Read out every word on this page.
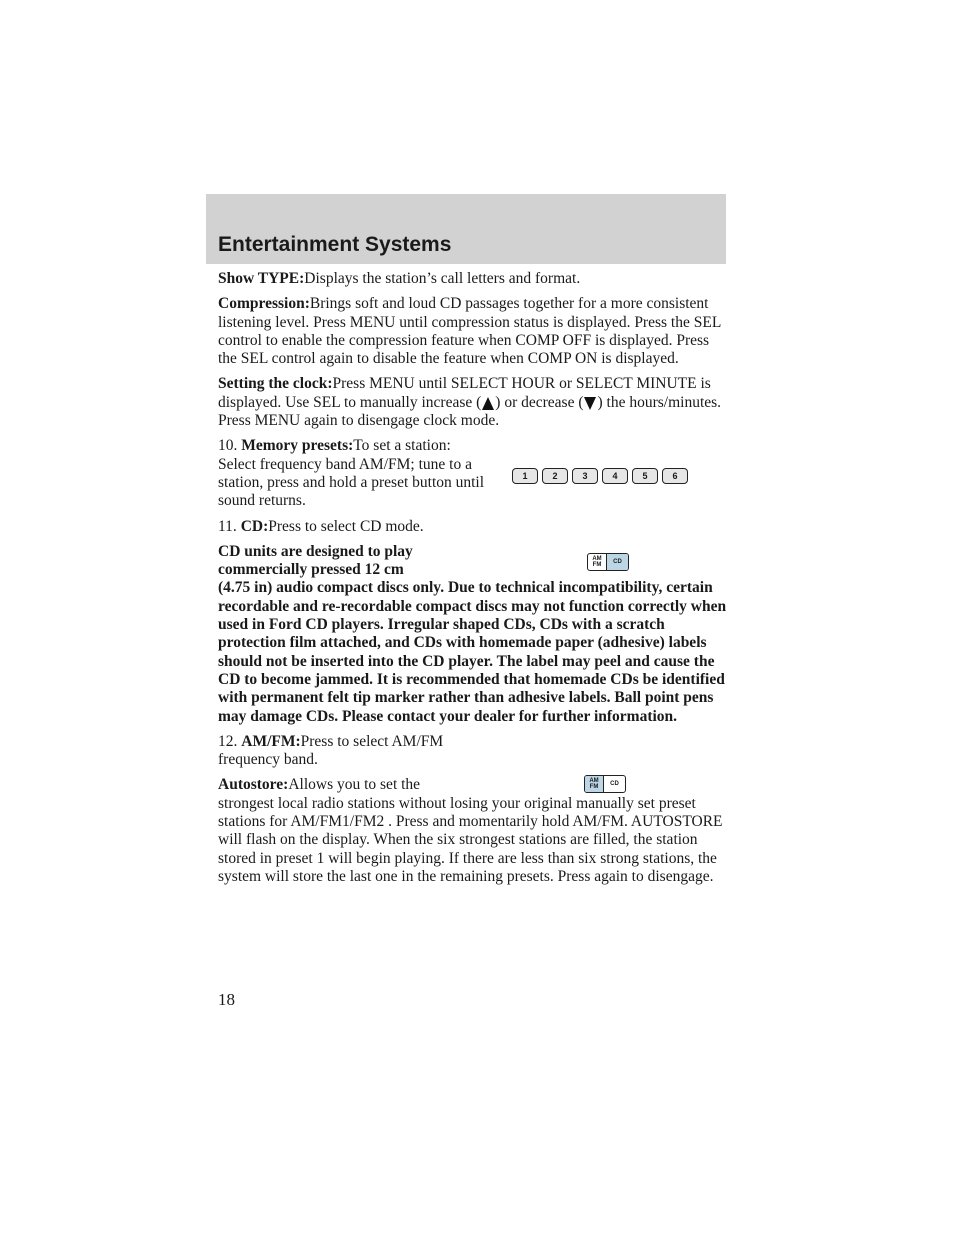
Entertainment Systems

Show TYPE:Displays the station’s call letters and format.

Compression:Brings soft and loud CD passages together for a more consistent listening level. Press MENU until compression status is displayed. Press the SEL control to enable the compression feature when COMP OFF is displayed. Press the SEL control again to disable the feature when COMP ON is displayed.

Setting the clock:Press MENU until SELECT HOUR or SELECT MINUTE is displayed. Use SEL to manually increase ( ) or decrease ( ) the hours/minutes. Press MENU again to disengage clock mode.

10. Memory presets:To set a station: Select frequency band AM/FM; tune to a station, press and hold a preset button until sound returns.

11. CD:Press to select CD mode.

CD units are designed to play commercially pressed 12 cm
(4.75 in) audio compact discs only. Due to technical incompatibility, certain recordable and re-recordable compact discs may not function correctly when used in Ford CD players. Irregular shaped CDs, CDs with a scratch protection film attached, and CDs with homemade paper (adhesive) labels should not be inserted into the CD player. The label may peel and cause the CD to become jammed. It is recommended that homemade CDs be identified with permanent felt tip marker rather than adhesive labels. Ball point pens may damage CDs. Please contact your dealer for further information.

12. AM/FM:Press to select AM/FM frequency band.

Autostore:Allows you to set the
strongest local radio stations without losing your original manually set preset stations for AM/FM1/FM2 . Press and momentarily hold AM/FM. AUTOSTORE will flash on the display. When the six strongest stations are filled, the station stored in preset 1 will begin playing. If there are less than six strong stations, the system will store the last one in the remaining presets. Press again to disengage.
1	2	3	4	5	6
AM
FM	CD
AM
FM	CD
18
